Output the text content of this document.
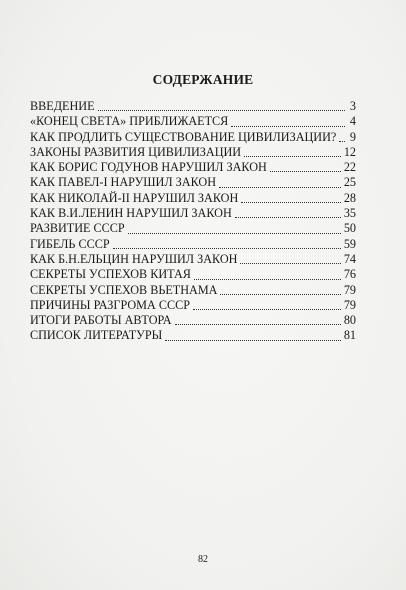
СОДЕРЖАНИЕ
ВВЕДЕНИЕ	3
«КОНЕЦ СВЕТА» ПРИБЛИЖАЕТСЯ	4
КАК ПРОДЛИТЬ СУЩЕСТВОВАНИЕ ЦИВИЛИЗАЦИИ? 9
ЗАКОНЫ РАЗВИТИЯ ЦИВИЛИЗАЦИИ	12
КАК БОРИС ГОДУНОВ НАРУШИЛ ЗАКОН	22
КАК ПАВЕЛ-I НАРУШИЛ ЗАКОН	25
КАК НИКОЛАЙ-II НАРУШИЛ ЗАКОН	28
КАК В.И.ЛЕНИН НАРУШИЛ ЗАКОН	35
РАЗВИТИЕ СССР	50
ГИБЕЛЬ СССР	59
КАК Б.Н.ЕЛЬЦИН НАРУШИЛ ЗАКОН	74
СЕКРЕТЫ УСПЕХОВ КИТАЯ	76
СЕКРЕТЫ УСПЕХОВ ВЬЕТНАМА	79
ПРИЧИНЫ РАЗГРОМА СССР	79
ИТОГИ РАБОТЫ АВТОРА	80
СПИСОК ЛИТЕРАТУРЫ	81
82
